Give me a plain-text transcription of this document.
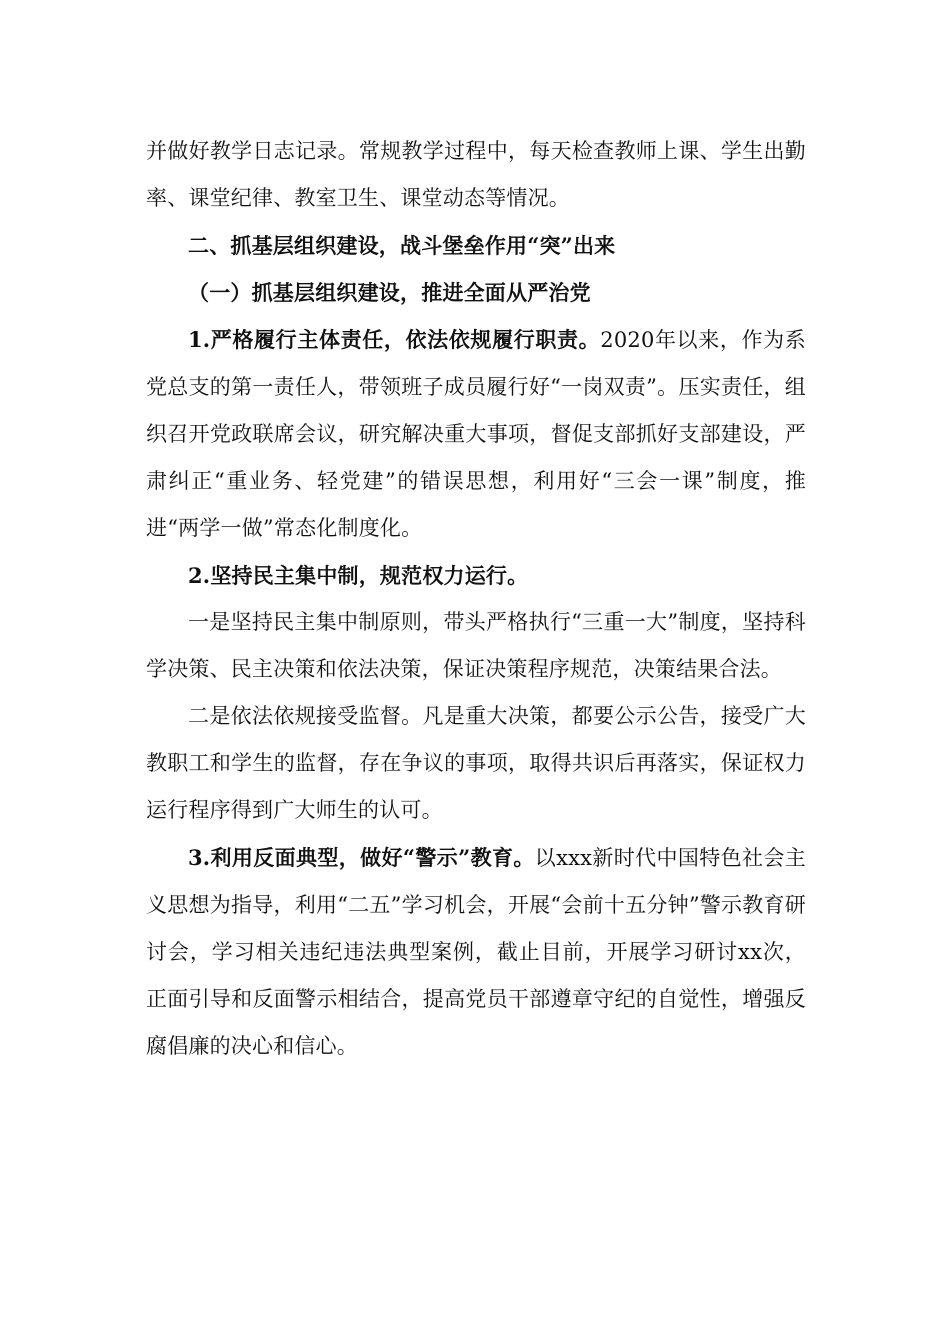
并做好教学日志记录。常规教学过程中，每天检查教师上课、学生出勤率、课堂纪律、教室卫生、课堂动态等情况。

二、抓基层组织建设，战斗堡垒作用“突”出来

（一）抓基层组织建设，推进全面从严治党

1.严格履行主体责任，依法依规履行职责。2020年以来，作为系党总支的第一责任人，带领班子成员履行好“一岗双责”。压实责任，组织召开党政联席会议，研究解决重大事项，督促支部抓好支部建设，严肃纠正“重业务、轻党建”的错误思想，利用好“三会一课”制度，推进“两学一做”常态化制度化。

2.坚持民主集中制，规范权力运行。

一是坚持民主集中制原则，带头严格执行“三重一大”制度，坚持科学决策、民主决策和依法决策，保证决策程序规范，决策结果合法。

二是依法依规接受监督。凡是重大决策，都要公示公告，接受广大教职工和学生的监督，存在争议的事项，取得共识后再落实，保证权力运行程序得到广大师生的认可。

3.利用反面典型，做好“警示”教育。以xxx新时代中国特色社会主义思想为指导，利用“二五”学习机会，开展“会前十五分钟”警示教育研讨会，学习相关违纪违法典型案例，截止目前，开展学习研讨xx次，正面引导和反面警示相结合，提高党员干部遵章守纪的自觉性，增强反腐倡廉的决心和信心。
